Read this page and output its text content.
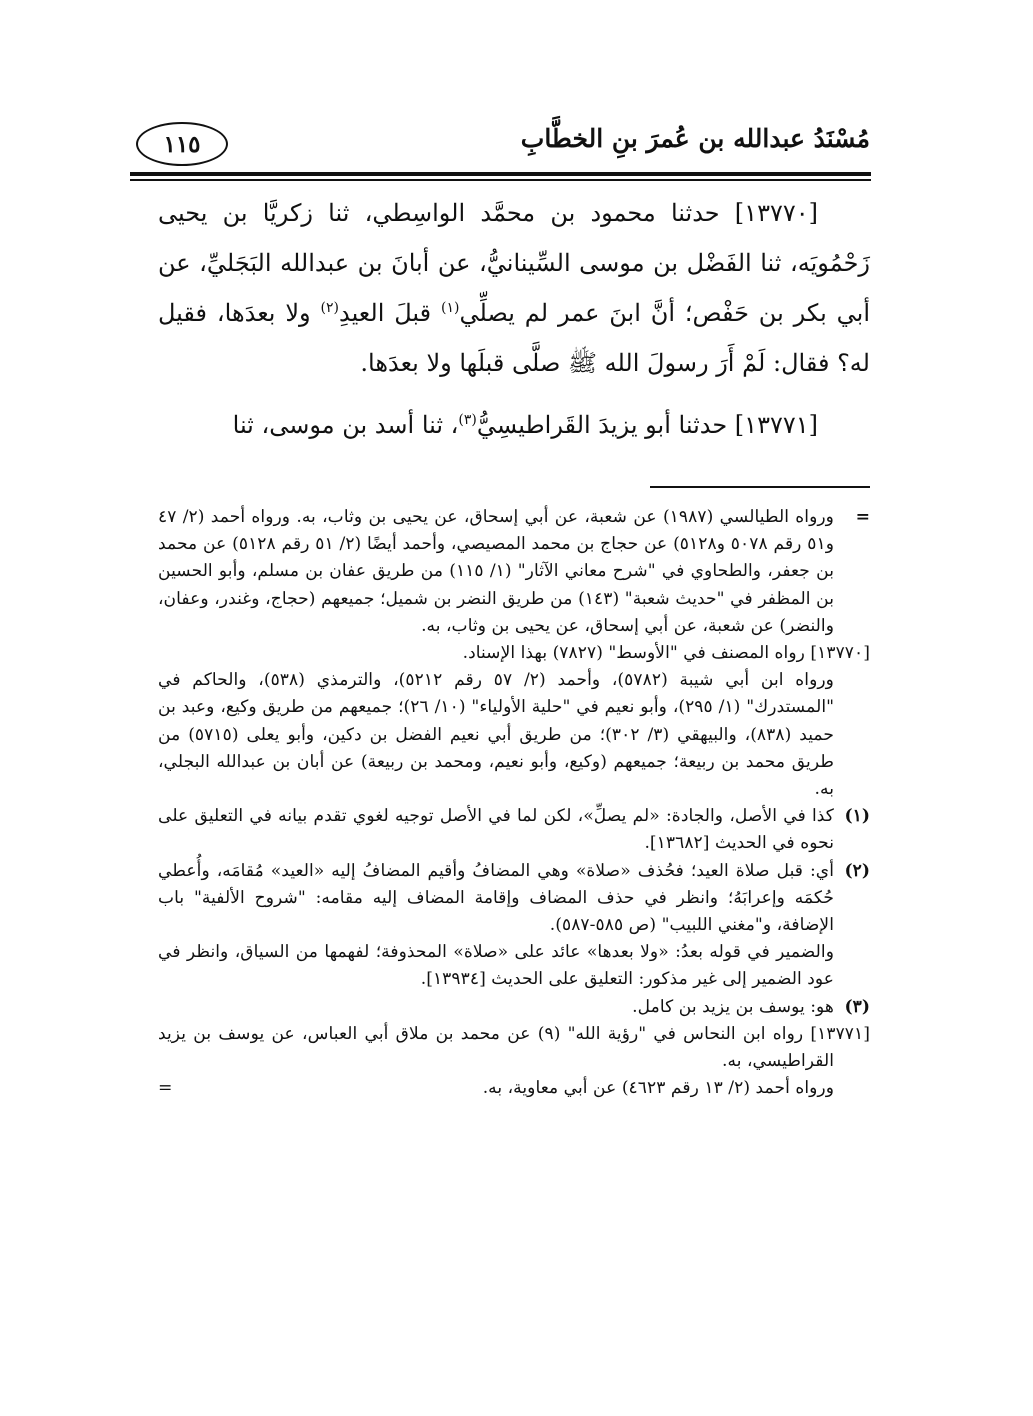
مُسْنَدُ عبدالله بن عُمرَ بنِ الخطَّابِ
١١٥

[١٣٧٧٠] حدثنا محمود بن محمَّد الواسِطي، ثنا زكريَّا بن يحيى زَحْمُويَه، ثنا الفَضْل بن موسى السِّينانيُّ، عن أبانَ بن عبدالله البَجَليِّ، عن أبي بكر بن حَفْص؛ أنَّ ابنَ عمر لم يصلِّي$^{(١)}$ قبلَ العيدِ$^{(٢)}$ ولا بعدَها، فقيل له؟ فقال: لَمْ أَرَ رسولَ الله ﷺ صلَّى قبلَها ولا بعدَها.

[١٣٧٧١] حدثنا أبو يزيدَ القَراطيسِيُّ$^{(٣)}$، ثنا أسد بن موسى، ثنا

=
ورواه الطيالسي (١٩٨٧) عن شعبة، عن أبي إسحاق، عن يحيى بن وثاب، به. ورواه أحمد (٢/ ٤٧ و٥١ رقم ٥٠٧٨ و٥١٢٨) عن حجاج بن محمد المصيصي، وأحمد أيضًا (٢/ ٥١ رقم ٥١٢٨) عن محمد بن جعفر، والطحاوي في "شرح معاني الآثار" (١/ ١١٥) من طريق عفان بن مسلم، وأبو الحسين بن المظفر في "حديث شعبة" (١٤٣) من طريق النضر بن شميل؛ جميعهم (حجاج، وغندر، وعفان، والنضر) عن شعبة، عن أبي إسحاق، عن يحيى بن وثاب، به.

[١٣٧٧٠] رواه المصنف في "الأوسط" (٧٨٢٧) بهذا الإسناد.

ورواه ابن أبي شيبة (٥٧٨٢)، وأحمد (٢/ ٥٧ رقم ٥٢١٢)، والترمذي (٥٣٨)، والحاكم في "المستدرك" (١/ ٢٩٥)، وأبو نعيم في "حلية الأولياء" (١٠/ ٢٦)؛ جميعهم من طريق وكيع، وعبد بن حميد (٨٣٨)، والبيهقي (٣/ ٣٠٢)؛ من طريق أبي نعيم الفضل بن دكين، وأبو يعلى (٥٧١٥) من طريق محمد بن ربيعة؛ جميعهم (وكيع، وأبو نعيم، ومحمد بن ربيعة) عن أبان بن عبدالله البجلي، به.

(١)
كذا في الأصل، والجادة: «لم يصلِّ»، لكن لما في الأصل توجيه لغوي تقدم بيانه في التعليق على نحوه في الحديث [١٣٦٨٢].
(٢)
أي: قبل صلاة العيد؛ فحُذف «صلاة» وهي المضافُ وأقيم المضافُ إليه «العيد» مُقامَه، وأُعطي حُكمَه وإعرابَهُ؛ وانظر في حذف المضاف وإقامة المضاف إليه مقامه: "شروح الألفية" باب الإضافة، و"مغني اللبيب" (ص ٥٨٥-٥٨٧).

والضمير في قوله بعدُ: «ولا بعدها» عائد على «صلاة» المحذوفة؛ لفهمها من السياق، وانظر في عود الضمير إلى غير مذكور: التعليق على الحديث [١٣٩٣٤].

(٣)
هو: يوسف بن يزيد بن كامل.

[١٣٧٧١] رواه ابن النحاس في "رؤية الله" (٩) عن محمد بن ملاق أبي العباس، عن يوسف بن يزيد القراطيسي، به.

ورواه أحمد (٢/ ١٣ رقم ٤٦٢٣) عن أبي معاوية، به.
=
